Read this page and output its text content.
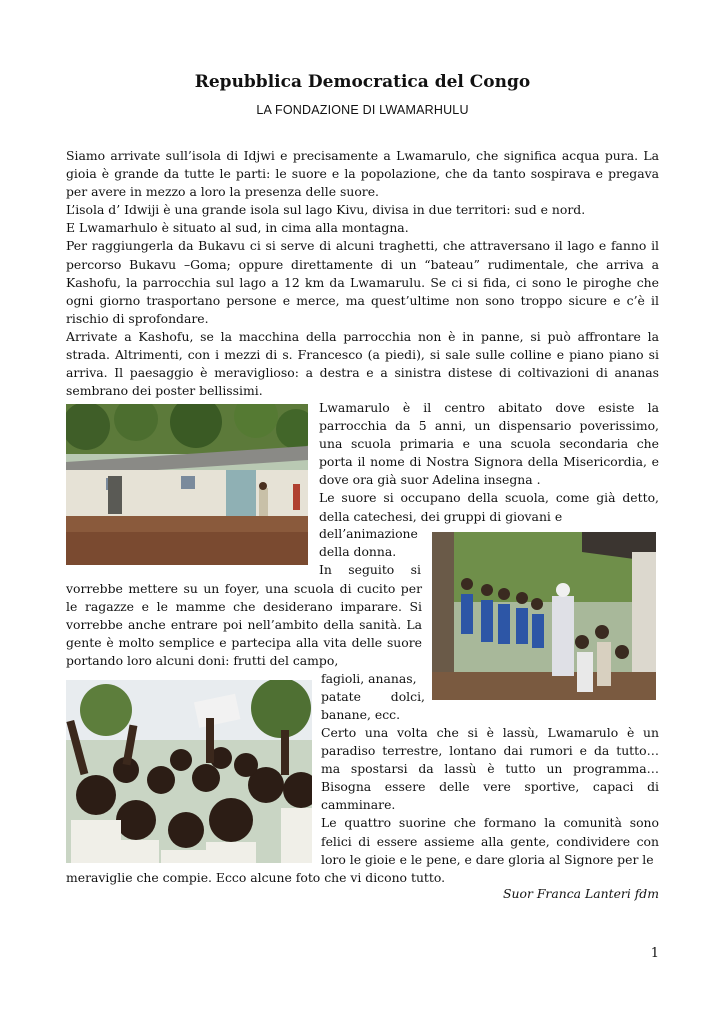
Repubblica Democratica del Congo
LA FONDAZIONE DI LWAMARHULU

Siamo arrivate sull’isola di Idjwi e precisamente a Lwamarulo, che significa acqua pura. La gioia è grande da tutte le parti: le suore e la popolazione, che da tanto sospirava e pregava per avere in mezzo a loro la presenza delle suore.

L’isola d’ Idwiji è una grande isola sul lago Kivu, divisa in due territori: sud e nord.

E Lwamarhulo è situato al sud, in cima alla montagna.

Per raggiungerla da Bukavu ci si serve di alcuni traghetti, che attraversano il lago e fanno il percorso Bukavu –Goma; oppure direttamente di un “bateau” rudimentale, che arriva a Kashofu, la parrocchia sul lago a 12 km da Lwamarulu. Se ci si fida, ci sono le piroghe che ogni giorno trasportano persone e merce, ma quest’ultime non sono troppo sicure e c’è il rischio di sprofondare.

Arrivate a Kashofu, se la macchina della parrocchia non è in panne, si può affrontare la strada. Altrimenti, con i mezzi di s. Francesco (a piedi), si sale sulle colline e piano piano si arriva. Il paesaggio è meraviglioso: a destra e a sinistra distese di coltivazioni di ananas sembrano dei poster bellissimi.

Lwamarulo è il centro abitato dove esiste la parrocchia da 5 anni, un dispensario poverissimo, una scuola primaria e una scuola secondaria che porta il nome di Nostra Signora della Misericordia, e dove ora già suor Adelina insegna .

Le suore si occupano della scuola, come già detto, della catechesi, dei gruppi di giovani e

dell’animazione
della donna.
In seguito si
vorrebbe mettere su un foyer, una scuola di cucito per le ragazze e le mamme che desiderano imparare. Si vorrebbe anche entrare poi nell’ambito della sanità. La gente è molto semplice e partecipa alla vita delle suore portando loro alcuni doni: frutti del campo,
fagioli, ananas,
patate dolci,
banane, ecc.

Certo una volta che si è lassù, Lwamarulo è un paradiso terrestre, lontano dai rumori e da tutto… ma spostarsi da lassù è tutto un programma… Bisogna essere delle vere sportive, capaci di camminare.

Le quattro suorine che formano la comunità sono felici di essere assieme alla gente, condividere con loro le gioie e le pene, e dare gloria al Signore per le

meraviglie che compie. Ecco alcune foto che vi dicono tutto.
Suor Franca Lanteri fdm
1
